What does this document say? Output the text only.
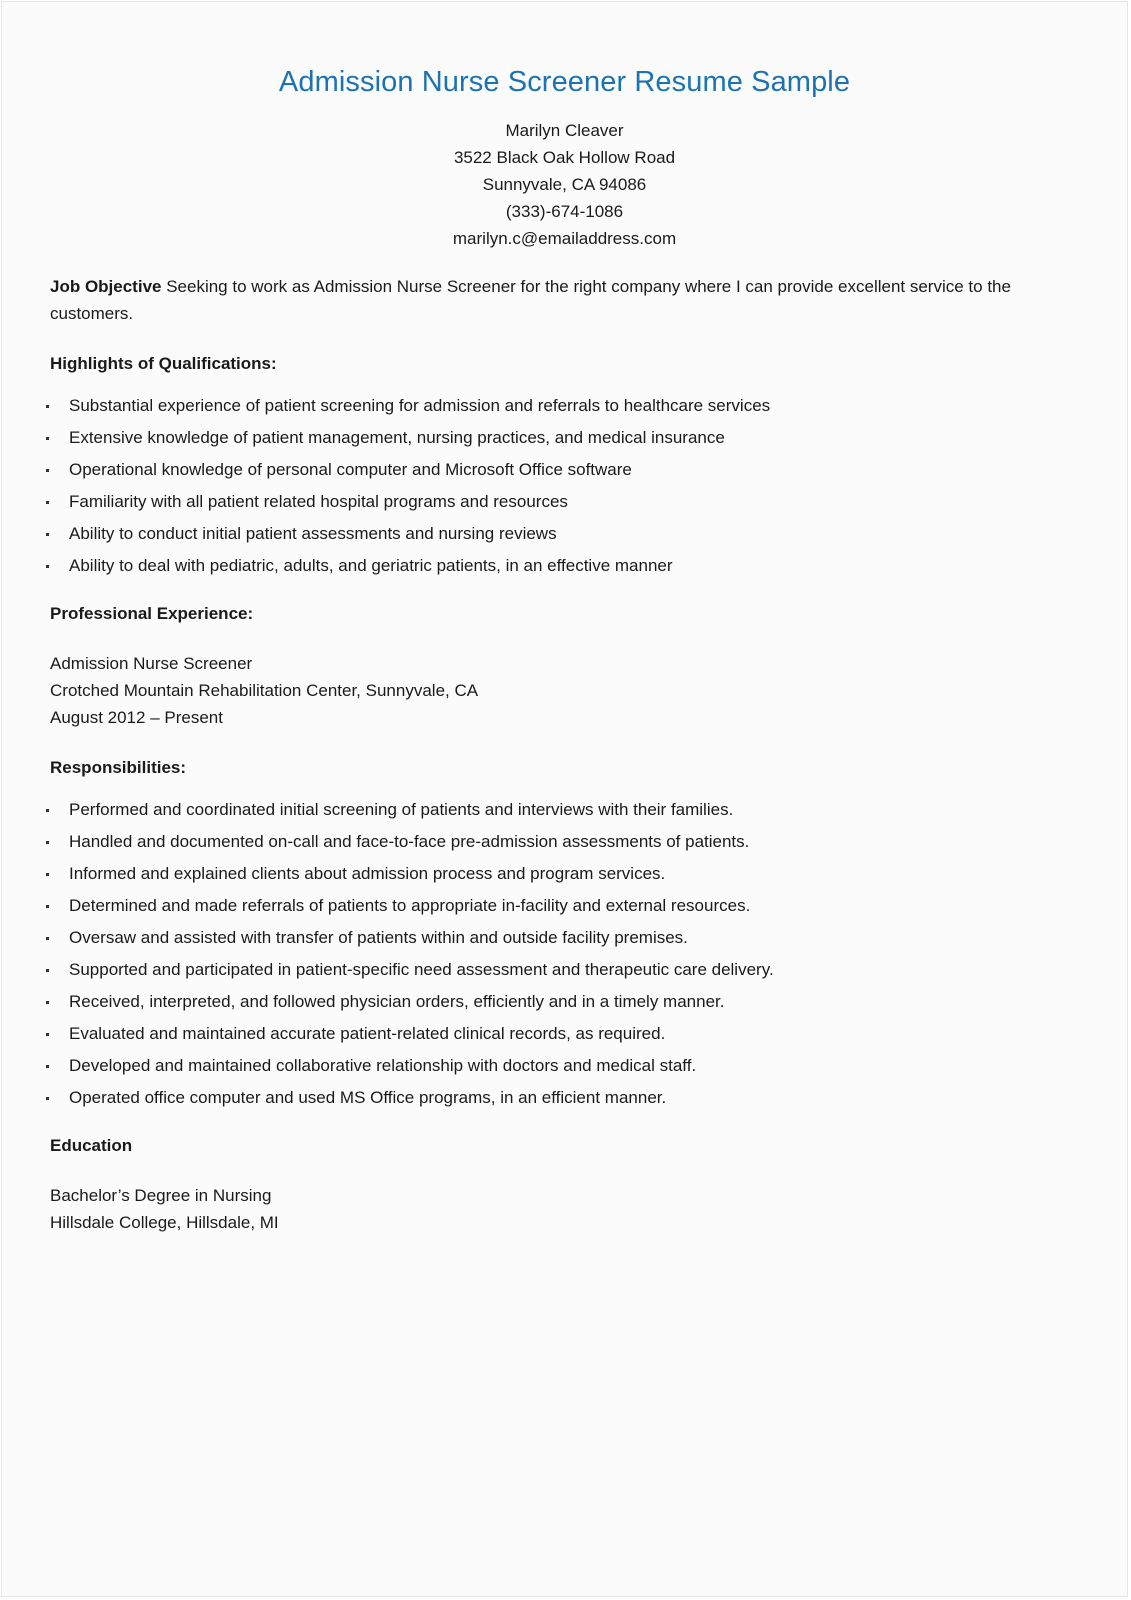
Admission Nurse Screener Resume Sample
Marilyn Cleaver
3522 Black Oak Hollow Road
Sunnyvale, CA 94086
(333)-674-1086
marilyn.c@emailaddress.com

Job Objective Seeking to work as Admission Nurse Screener for the right company where I can provide excellent service to the customers.

Highlights of Qualifications:
Substantial experience of patient screening for admission and referrals to healthcare services
Extensive knowledge of patient management, nursing practices, and medical insurance
Operational knowledge of personal computer and Microsoft Office software
Familiarity with all patient related hospital programs and resources
Ability to conduct initial patient assessments and nursing reviews
Ability to deal with pediatric, adults, and geriatric patients, in an effective manner
Professional Experience:
Admission Nurse Screener
Crotched Mountain Rehabilitation Center, Sunnyvale, CA
August 2012 – Present
Responsibilities:
Performed and coordinated initial screening of patients and interviews with their families.
Handled and documented on-call and face-to-face pre-admission assessments of patients.
Informed and explained clients about admission process and program services.
Determined and made referrals of patients to appropriate in-facility and external resources.
Oversaw and assisted with transfer of patients within and outside facility premises.
Supported and participated in patient-specific need assessment and therapeutic care delivery.
Received, interpreted, and followed physician orders, efficiently and in a timely manner.
Evaluated and maintained accurate patient-related clinical records, as required.
Developed and maintained collaborative relationship with doctors and medical staff.
Operated office computer and used MS Office programs, in an efficient manner.
Education
Bachelor’s Degree in Nursing
Hillsdale College, Hillsdale, MI
